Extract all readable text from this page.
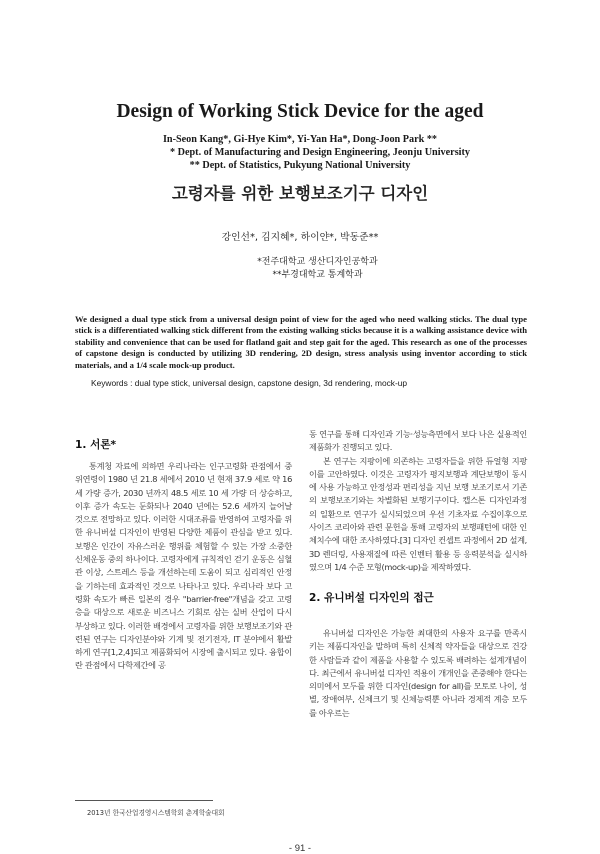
Design of Working Stick Device for the aged
In-Seon Kang*, Gi-Hye Kim*, Yi-Yan Ha*, Dong-Joon Park **
* Dept. of Manufacturing and Design Engineering, Jeonju University
** Dept. of Statistics, Pukyung National University
고령자를 위한 보행보조기구 디자인
강인선*, 김지혜*, 하이얀*, 박동준**
*전주대학교 생산디자인공학과
**부경대학교 통계학과
We designed a dual type stick from a universal design point of view for the aged who need walking sticks. The dual type stick is a differentiated walking stick different from the existing walking sticks because it is a walking assistance device with stability and convenience that can be used for flatland gait and step gait for the aged. This research as one of the processes of capstone design is conducted by utilizing 3D rendering, 2D design, stress analysis using inventor according to stick materials, and a 1/4 scale mock-up product.
Keywords : dual type stick, universal design, capstone design, 3d rendering, mock-up
1. 서론*

통계청 자료에 의하면 우리나라는 인구고령화 관점에서 중위연령이 1980 년 21.8 세에서 2010 년 현재 37.9 세로 약 16 세 가량 증가, 2030 년까지 48.5 세로 10 세 가량 더 상승하고, 이후 증가 속도는 둔화되나 2040 년에는 52.6 세까지 늘어날 것으로 전망하고 있다. 이러한 시대조류를 반영하여 고령자를 위한 유니버설 디자인이 반영된 다양한 제품이 관심을 받고 있다. 보행은 인간이 자유스러운 행위를 체험할 수 있는 가장 소중한 신체운동 중의 하나이다. 고령자에게 규칙적인 걷기 운동은 심혈관 이상, 스트레스 등을 개선하는데 도움이 되고 심리적인 안정을 기하는데 효과적인 것으로 나타나고 있다. 우리나라 보다 고령화 속도가 빠른 일본의 경우 "barrier-free"개념을 갖고 고령층을 대상으로 새로운 비즈니스 기회로 삼는 실버 산업이 다시 부상하고 있다. 이러한 배경에서 고령자를 위한 보행보조기와 관련된 연구는 디자인분야와 기계 및 전기전자, IT 분야에서 활발하게 연구[1,2,4]되고 제품화되어 시장에 출시되고 있다. 융합이란 관점에서 다학제간에 공

동 연구를 통해 디자인과 기능·성능측면에서 보다 나은 실용적인 제품화가 진행되고 있다.

본 연구는 지팡이에 의존하는 고령자들을 위한 듀얼형 지팡이를 고안하였다. 이것은 고령자가 평지보행과 계단보행이 동시에 사용 가능하고 안정성과 편리성을 지닌 보행 보조기로서 기존의 보행보조기와는 차별화된 보행기구이다. 캡스톤 디자인과정의 일환으로 연구가 실시되었으며 우선 기초자료 수집이후으로 사이즈 코리아와 관련 문헌을 통해 고령자의 보행패턴에 대한 인체치수에 대한 조사하였다.[3] 디자인 컨셉트 과정에서 2D 설계, 3D 렌더링, 사용재질에 따른 인벤터 활용 등 응력분석을 실시하였으며 1/4 수준 모형(mock-up)을 제작하였다.

2. 유니버설 디자인의 접근

유니버설 디자인은 가능한 최대한의 사용자 요구를 만족시키는 제품디자인을 말하며 특히 신체적 약자들을 대상으로 건강한 사람들과 같이 제품을 사용할 수 있도록 배려하는 설계개념이다. 최근에서 유니버설 디자인 적용이 개개인을 존중해야 한다는 의미에서 모두를 위한 디자인(design for all)를 모토로 나이, 성별, 장애여부, 신체크기 및 신체능력뿐 아니라 경제적 계층 모두를 아우르는

2013년 한국산업경영시스템학회 춘계학술대회
- 91 -
